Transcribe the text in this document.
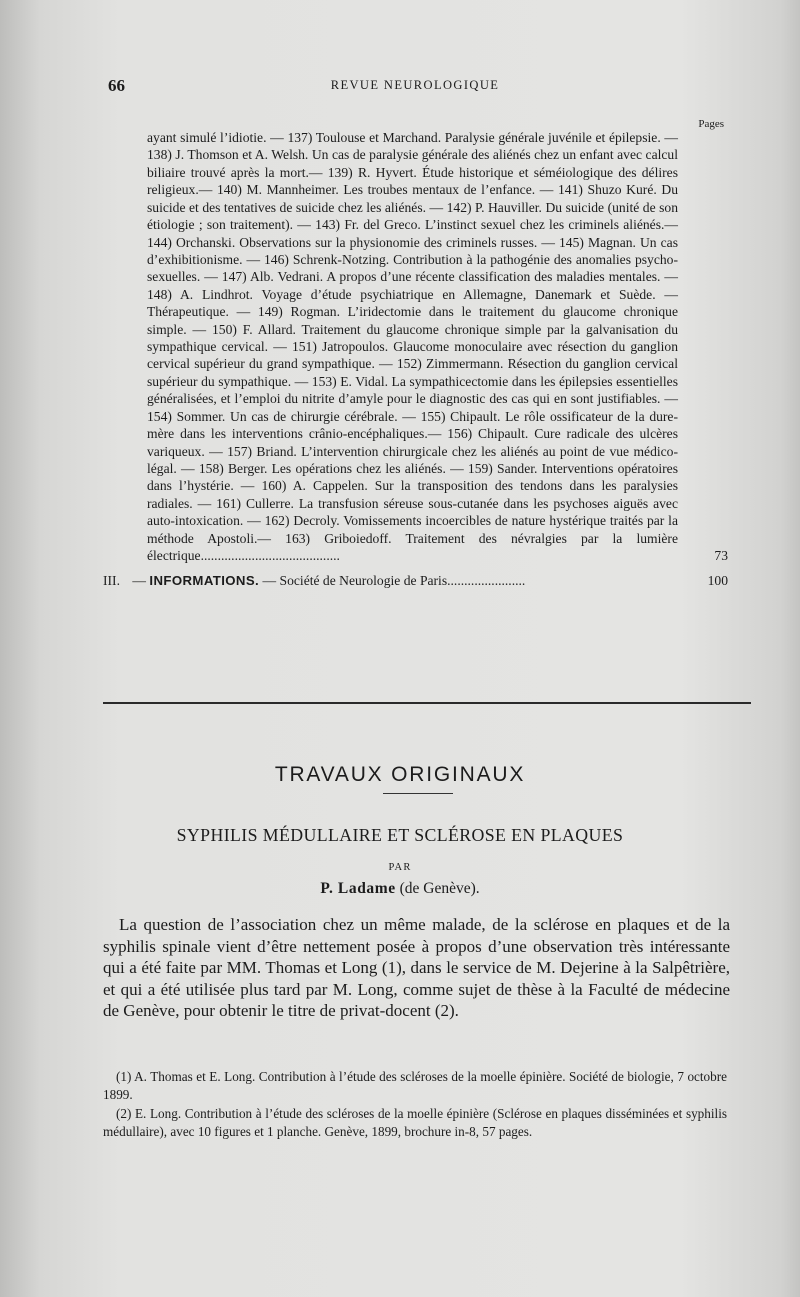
66	REVUE NEUROLOGIQUE
Pages

ayant simulé l’idiotie. — 137) Toulouse et Marchand. Paralysie générale juvénile et épilepsie. — 138) J. Thomson et A. Welsh. Un cas de paralysie générale des aliénés chez un enfant avec calcul biliaire trouvé après la mort.— 139) R. Hyvert. Étude historique et séméiologique des délires religieux.— 140) M. Mannheimer. Les troubes mentaux de l’enfance. — 141) Shuzo Kuré. Du suicide et des tentatives de suicide chez les aliénés. — 142) P. Hauviller. Du suicide (unité de son étiologie ; son traitement). — 143) Fr. del Greco. L’instinct sexuel chez les criminels aliénés.— 144) Orchanski. Observations sur la physionomie des criminels russes. — 145) Magnan. Un cas d’exhibitionisme. — 146) Schrenk-Notzing. Contribution à la pathogénie des anomalies psycho-sexuelles. — 147) Alb. Vedrani. A propos d’une récente classification des maladies mentales. — 148) A. Lindhrot. Voyage d’étude psychiatrique en Allemagne, Danemark et Suède. — Thérapeutique. — 149) Rogman. L’iridectomie dans le traitement du glaucome chronique simple. — 150) F. Allard. Traitement du glaucome chronique simple par la galvanisation du sympathique cervical. — 151) Jatropoulos. Glaucome monoculaire avec résection du ganglion cervical supérieur du grand sympathique. — 152) Zimmermann. Résection du ganglion cervical supérieur du sympathique. — 153) E. Vidal. La sympathicectomie dans les épilepsies essentielles généralisées, et l’emploi du nitrite d’amyle pour le diagnostic des cas qui en sont justifiables. — 154) Sommer. Un cas de chirurgie cérébrale. — 155) Chipault. Le rôle ossificateur de la dure-mère dans les interventions crânio-encéphaliques.— 156) Chipault. Cure radicale des ulcères variqueux. — 157) Briand. L’intervention chirurgicale chez les aliénés au point de vue médico-légal. — 158) Berger. Les opérations chez les aliénés. — 159) Sander. Interventions opératoires dans l’hystérie. — 160) A. Cappelen. Sur la transposition des tendons dans les paralysies radiales. — 161) Cullerre. La transfusion séreuse sous-cutanée dans les psychoses aiguës avec auto-intoxication. — 162) Decroly. Vomissements incoercibles de nature hystérique traités par la méthode Apostoli.— 163) Griboiedoff. Traitement des névralgies par la lumière électrique.........................................	73
III. — INFORMATIONS. — Société de Neurologie de Paris.......................	100
TRAVAUX ORIGINAUX
SYPHILIS MÉDULLAIRE ET SCLÉROSE EN PLAQUES
PAR
P. Ladame (de Genève).

La question de l’association chez un même malade, de la sclérose en plaques et de la syphilis spinale vient d’être nettement posée à propos d’une observation très intéressante qui a été faite par MM. Thomas et Long (1), dans le service de M. Dejerine à la Salpêtrière, et qui a été utilisée plus tard par M. Long, comme sujet de thèse à la Faculté de médecine de Genève, pour obtenir le titre de privat-docent (2).

(1) A. Thomas et E. Long. Contribution à l’étude des scléroses de la moelle épinière. Société de biologie, 7 octobre 1899.

(2) E. Long. Contribution à l’étude des scléroses de la moelle épinière (Sclérose en plaques disséminées et syphilis médullaire), avec 10 figures et 1 planche. Genève, 1899, brochure in-8, 57 pages.
